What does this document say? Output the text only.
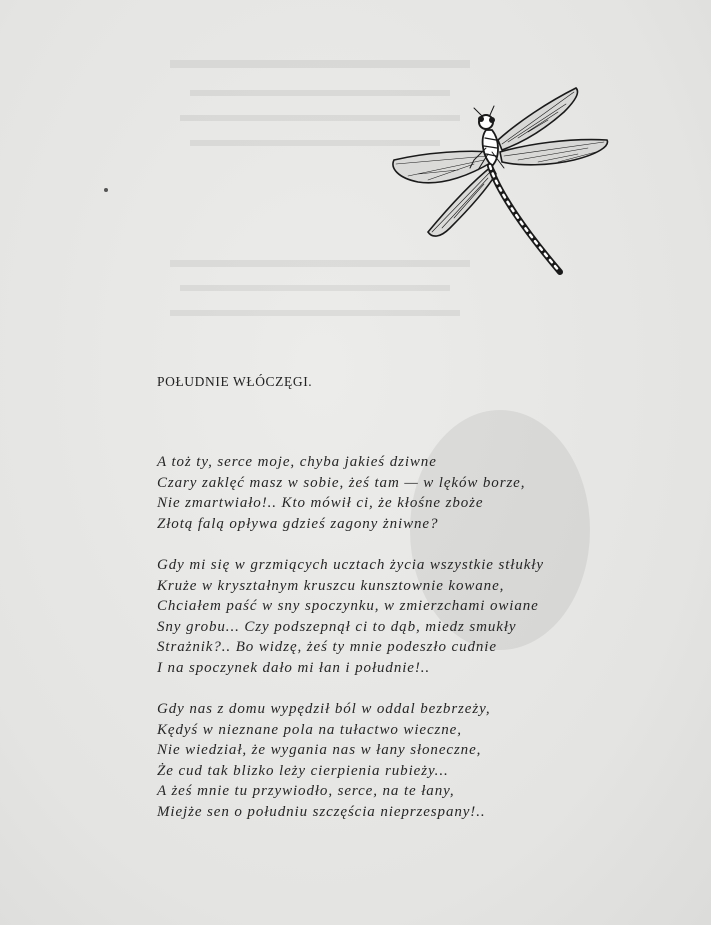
POŁUDNIE WŁÓCZĘGI.
A toż ty, serce moje, chyba jakieś dziwne
Czary zaklęć masz w sobie, żeś tam — w lęków borze,
Nie zmartwiało!.. Kto mówił ci, że kłośne zboże
Złotą falą opływa gdzieś zagony żniwne?
Gdy mi się w grzmiących ucztach życia wszystkie stłukły
Kruże w kryształnym kruszcu kunsztownie kowane,
Chciałem paść w sny spoczynku, w zmierzchami owiane
Sny grobu... Czy podszepnął ci to dąb, miedz smukły
Strażnik?.. Bo widzę, żeś ty mnie podeszło cudnie
I na spoczynek dało mi łan i południe!..
Gdy nas z domu wypędził ból w oddal bezbrzeży,
Kędyś w nieznane pola na tułactwo wieczne,
Nie wiedział, że wygania nas w łany słoneczne,
Że cud tak blizko leży cierpienia rubieży...
A żeś mnie tu przywiodło, serce, na te łany,
Miejże sen o południu szczęścia nieprzespany!..
